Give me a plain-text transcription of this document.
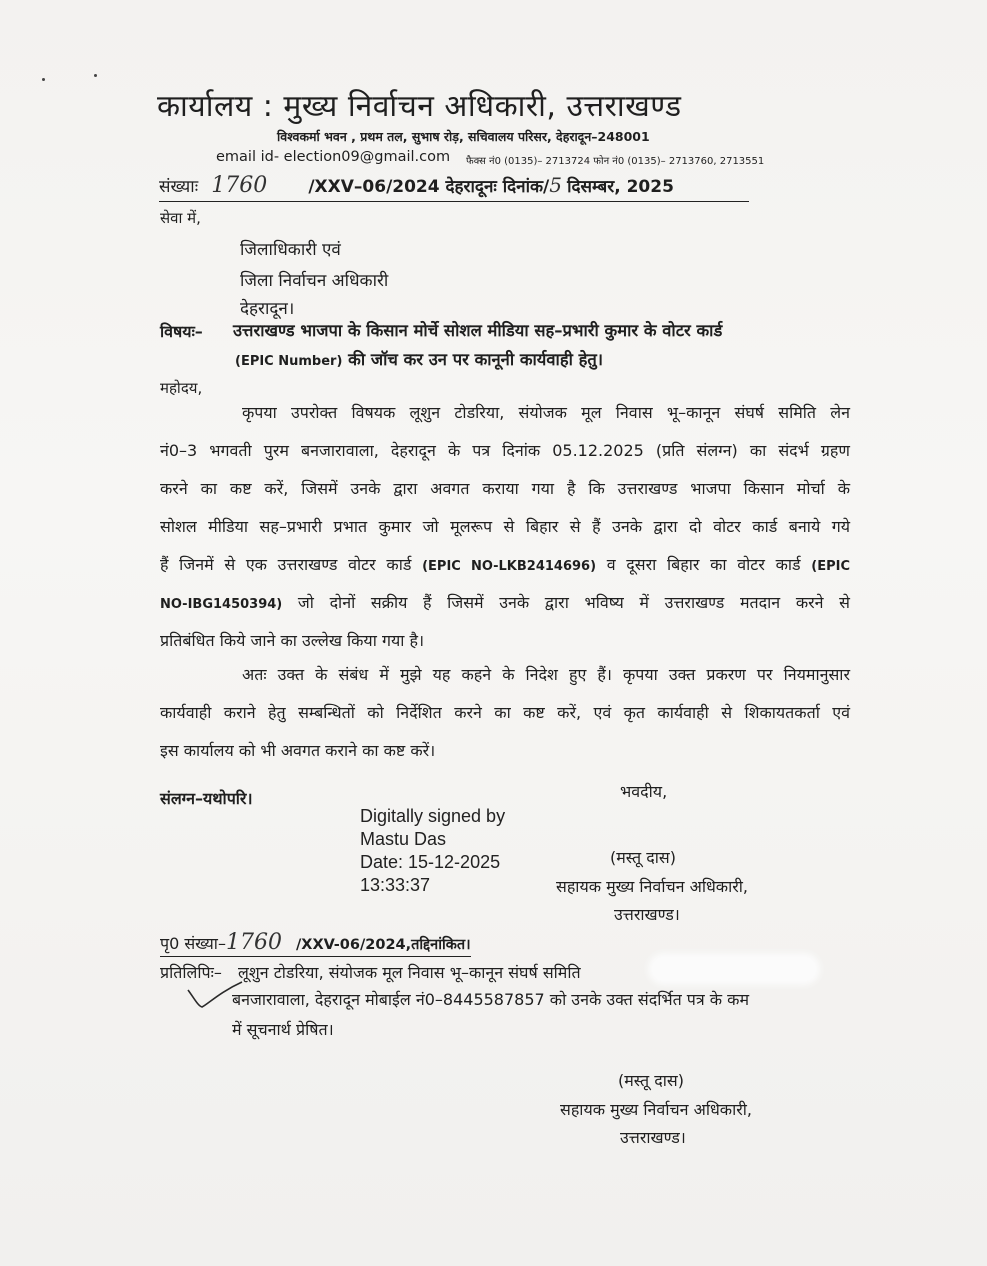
कार्यालय : मुख्य निर्वाचन अधिकारी, उत्तराखण्ड
विश्वकर्मा भवन , प्रथम तल, सुभाष रोड़, सचिवालय परिसर, देहरादून–248001
email id- election09@gmail.com फैक्स नं0 (0135)– 2713724 फोन नं0 (0135)– 2713760, 2713551
संख्याः 1760 /XXV–06/2024 देहरादूनः दिनांक/5 दिसम्बर, 2025
सेवा में,
जिलाधिकारी एवं
जिला निर्वाचन अधिकारी
देहरादून।
विषयः– उत्तराखण्ड भाजपा के किसान मोर्चे सोशल मीडिया सह–प्रभारी कुमार के वोटर कार्ड
(EPIC Number) की जॉच कर उन पर कानूनी कार्यवाही हेतु।
महोदय,
कृपया उपरोक्त विषयक लूशुन टोडरिया, संयोजक मूल निवास भू–कानून संघर्ष समिति लेन
नं0–3 भगवती पुरम बनजारावाला, देहरादून के पत्र दिनांक 05.12.2025 (प्रति संलग्न) का संदर्भ ग्रहण
करने का कष्ट करें, जिसमें उनके द्वारा अवगत कराया गया है कि उत्तराखण्ड भाजपा किसान मोर्चा के
सोशल मीडिया सह–प्रभारी प्रभात कुमार जो मूलरूप से बिहार से हैं उनके द्वारा दो वोटर कार्ड बनाये गये
हैं जिनमें से एक उत्तराखण्ड वोटर कार्ड (EPIC NO-LKB2414696) व दूसरा बिहार का वोटर कार्ड (EPIC
NO-IBG1450394) जो दोनों सक्रीय हैं जिसमें उनके द्वारा भविष्य में उत्तराखण्ड मतदान करने से
प्रतिबंधित किये जाने का उल्लेख किया गया है।
अतः उक्त के संबंध में मुझे यह कहने के निदेश हुए हैं। कृपया उक्त प्रकरण पर नियमानुसार
कार्यवाही कराने हेतु सम्बन्धितों को निर्देशित करने का कष्ट करें, एवं कृत कार्यवाही से शिकायतकर्ता एवं
इस कार्यालय को भी अवगत कराने का कष्ट करें।
संलग्न–यथोपरि।	भवदीय,
Digitally signed by
Mastu Das
Date: 15-12-2025
13:33:37
(मस्तू दास)
सहायक मुख्य निर्वाचन अधिकारी,
उत्तराखण्ड।
पृ0 संख्या–1760 /XXV-06/2024,तद्दिनांकित।
प्रतिलिपिः– लूशुन टोडरिया, संयोजक मूल निवास भू–कानून संघर्ष समिति
बनजारावाला, देहरादून मोबाईल नं0–8445587857 को उनके उक्त संदर्भित पत्र के कम
में सूचनार्थ प्रेषित।
(मस्तू दास)
सहायक मुख्य निर्वाचन अधिकारी,
उत्तराखण्ड।
